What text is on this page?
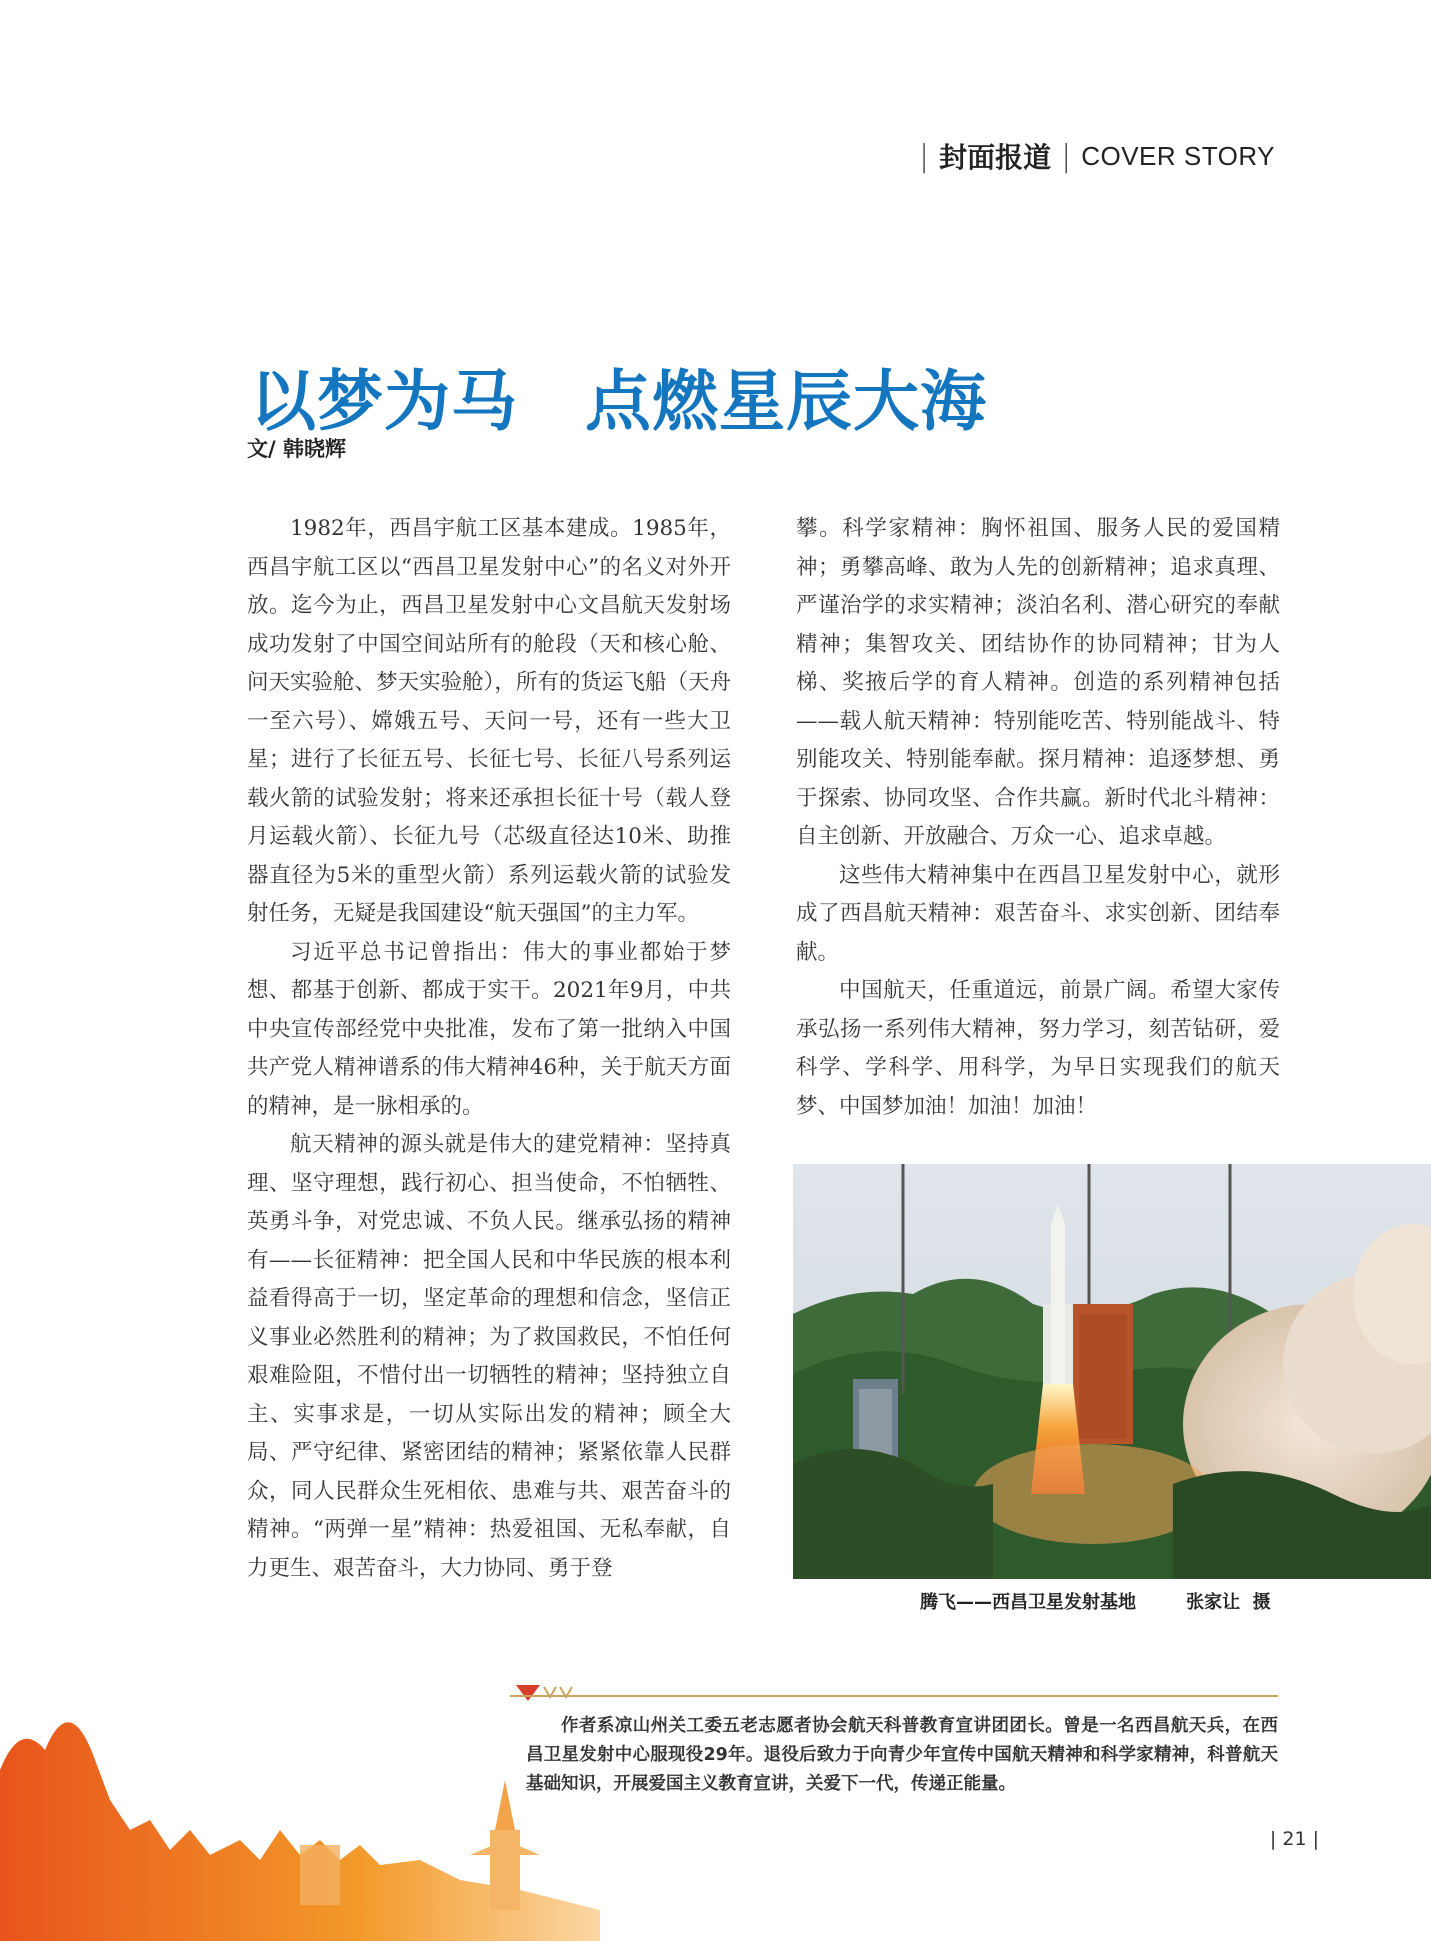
| 封面报道 | COVER STORY
以梦为马　点燃星辰大海
文/ 韩晓辉

1982年，西昌宇航工区基本建成。1985年，西昌宇航工区以“西昌卫星发射中心”的名义对外开放。迄今为止，西昌卫星发射中心文昌航天发射场成功发射了中国空间站所有的舱段（天和核心舱、问天实验舱、梦天实验舱），所有的货运飞船（天舟一至六号）、嫦娥五号、天问一号，还有一些大卫星；进行了长征五号、长征七号、长征八号系列运载火箭的试验发射；将来还承担长征十号（载人登月运载火箭）、长征九号（芯级直径达10米、助推器直径为5米的重型火箭）系列运载火箭的试验发射任务，无疑是我国建设“航天强国”的主力军。

习近平总书记曾指出：伟大的事业都始于梦想、都基于创新、都成于实干。2021年9月，中共中央宣传部经党中央批准，发布了第一批纳入中国共产党人精神谱系的伟大精神46种，关于航天方面的精神，是一脉相承的。

航天精神的源头就是伟大的建党精神：坚持真理、坚守理想，践行初心、担当使命，不怕牺牲、英勇斗争，对党忠诚、不负人民。继承弘扬的精神有——长征精神：把全国人民和中华民族的根本利益看得高于一切，坚定革命的理想和信念，坚信正义事业必然胜利的精神；为了救国救民，不怕任何艰难险阻，不惜付出一切牺牲的精神；坚持独立自主、实事求是，一切从实际出发的精神；顾全大局、严守纪律、紧密团结的精神；紧紧依靠人民群众，同人民群众生死相依、患难与共、艰苦奋斗的精神。“两弹一星”精神：热爱祖国、无私奉献，自力更生、艰苦奋斗，大力协同、勇于登

攀。科学家精神：胸怀祖国、服务人民的爱国精神；勇攀高峰、敢为人先的创新精神；追求真理、严谨治学的求实精神；淡泊名利、潜心研究的奉献精神；集智攻关、团结协作的协同精神；甘为人梯、奖掖后学的育人精神。创造的系列精神包括——载人航天精神：特别能吃苦、特别能战斗、特别能攻关、特别能奉献。探月精神：追逐梦想、勇于探索、协同攻坚、合作共赢。新时代北斗精神：自主创新、开放融合、万众一心、追求卓越。

这些伟大精神集中在西昌卫星发射中心，就形成了西昌航天精神：艰苦奋斗、求实创新、团结奉献。

中国航天，任重道远，前景广阔。希望大家传承弘扬一系列伟大精神，努力学习，刻苦钻研，爱科学、学科学、用科学，为早日实现我们的航天梦、中国梦加油！加油！加油！

腾飞——西昌卫星发射基地	张家让  摄

作者系凉山州关工委五老志愿者协会航天科普教育宣讲团团长。曾是一名西昌航天兵，在西昌卫星发射中心服现役29年。退役后致力于向青少年宣传中国航天精神和科学家精神，科普航天基础知识，开展爱国主义教育宣讲，关爱下一代，传递正能量。

| 21 |
